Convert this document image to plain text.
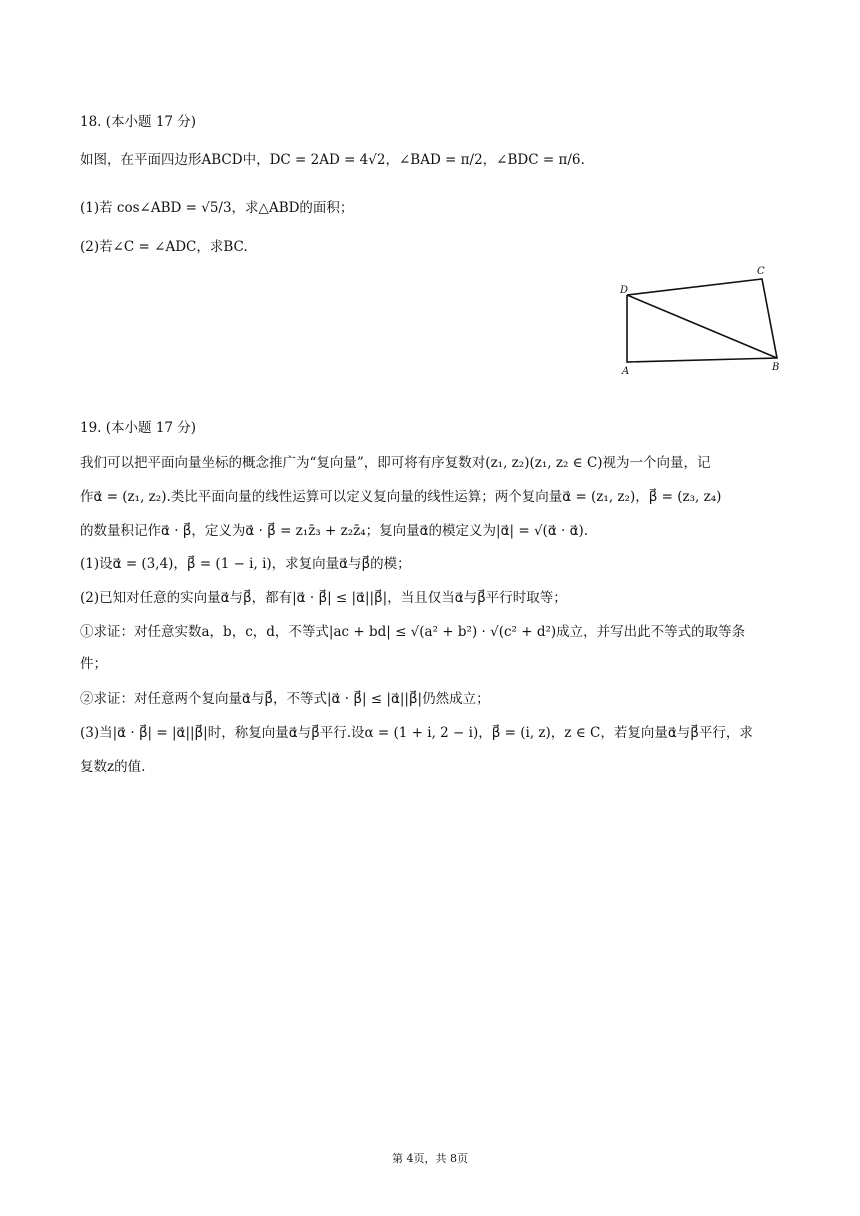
18. (本小题 17 分)
如图，在平面四边形ABCD中，DC = 2AD = 4√2，∠BAD = π/2，∠BDC = π/6.
(1)若 cos∠ABD = √5/3，求△ABD的面积；
(2)若∠C = ∠ADC，求BC.
D
C
A	B
19. (本小题 17 分)
我们可以把平面向量坐标的概念推广为“复向量”，即可将有序复数对(z₁, z₂)(z₁, z₂ ∈ C)视为一个向量，记
作α⃗ = (z₁, z₂).类比平面向量的线性运算可以定义复向量的线性运算；两个复向量α⃗ = (z₁, z₂)，β⃗ = (z₃, z₄)
的数量积记作α⃗ · β⃗，定义为α⃗ · β⃗ = z₁z̄₃ + z₂z̄₄；复向量α⃗的模定义为|α⃗| = √(α⃗ · α⃗).
(1)设α⃗ = (3,4)，β⃗ = (1 − i, i)，求复向量α⃗与β⃗的模；
(2)已知对任意的实向量α⃗与β⃗，都有|α⃗ · β⃗| ≤ |α⃗||β⃗|，当且仅当α⃗与β⃗平行时取等；
①求证：对任意实数a，b，c，d，不等式|ac + bd| ≤ √(a² + b²) · √(c² + d²)成立，并写出此不等式的取等条
件；
②求证：对任意两个复向量α⃗与β⃗，不等式|α⃗ · β⃗| ≤ |α⃗||β⃗|仍然成立；
(3)当|α⃗ · β⃗| = |α⃗||β⃗|时，称复向量α⃗与β⃗平行.设α = (1 + i, 2 − i)，β⃗ = (i, z)，z ∈ C，若复向量α⃗与β⃗平行，求
复数z的值.
第 4页，共 8页
